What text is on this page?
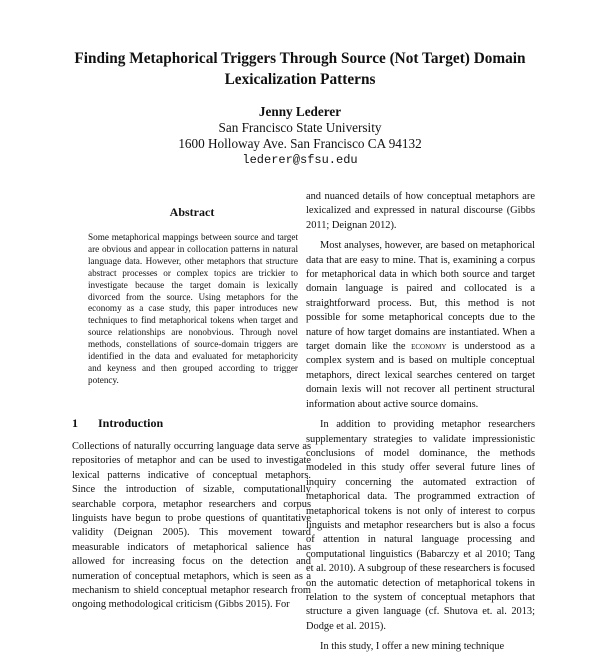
Finding Metaphorical Triggers Through Source (Not Target) Domain Lexicalization Patterns
Jenny Lederer
San Francisco State University
1600 Holloway Ave. San Francisco CA 94132
lederer@sfsu.edu
Abstract
Some metaphorical mappings between source and target are obvious and appear in collocation patterns in natural language data. However, other metaphors that structure abstract processes or complex topics are trickier to investigate because the target domain is lexically divorced from the source. Using metaphors for the economy as a case study, this paper introduces new techniques to find metaphorical tokens when target and source relationships are nonobvious. Through novel methods, constellations of source-domain triggers are identified in the data and evaluated for metaphoricity and keyness and then grouped according to trigger potency.
1 Introduction
Collections of naturally occurring language data serve as repositories of metaphor and can be used to investigate lexical patterns indicative of conceptual metaphors. Since the introduction of sizable, computationally searchable corpora, metaphor researchers and corpus linguists have begun to probe questions of quantitative validity (Deignan 2005). This movement toward measurable indicators of metaphorical salience has allowed for increasing focus on the detection and numeration of conceptual metaphors, which is seen as a mechanism to shield conceptual metaphor research from ongoing methodological criticism (Gibbs 2015). For

and nuanced details of how conceptual metaphors are lexicalized and expressed in natural discourse (Gibbs 2011; Deignan 2012).

Most analyses, however, are based on metaphorical data that are easy to mine. That is, examining a corpus for metaphorical data in which both source and target domain language is paired and collocated is a straightforward process. But, this method is not possible for some metaphorical concepts due to the nature of how target domains are instantiated. When a target domain like the economy is understood as a complex system and is based on multiple conceptual metaphors, direct lexical searches centered on target domain lexis will not recover all pertinent structural information about active source domains.

In addition to providing metaphor researchers supplementary strategies to validate impressionistic conclusions of model dominance, the methods modeled in this study offer several future lines of inquiry concerning the automated extraction of metaphorical data. The programmed extraction of metaphorical tokens is not only of interest to corpus linguists and metaphor researchers but is also a focus of attention in natural language processing and computational linguistics (Babarczy et al 2010; Tang et al. 2010). A subgroup of these researchers is focused on the automatic detection of metaphorical tokens in relation to the system of conceptual metaphors that structure a given language (cf. Shutova et. al. 2013; Dodge et al. 2015).

In this study, I offer a new mining technique
